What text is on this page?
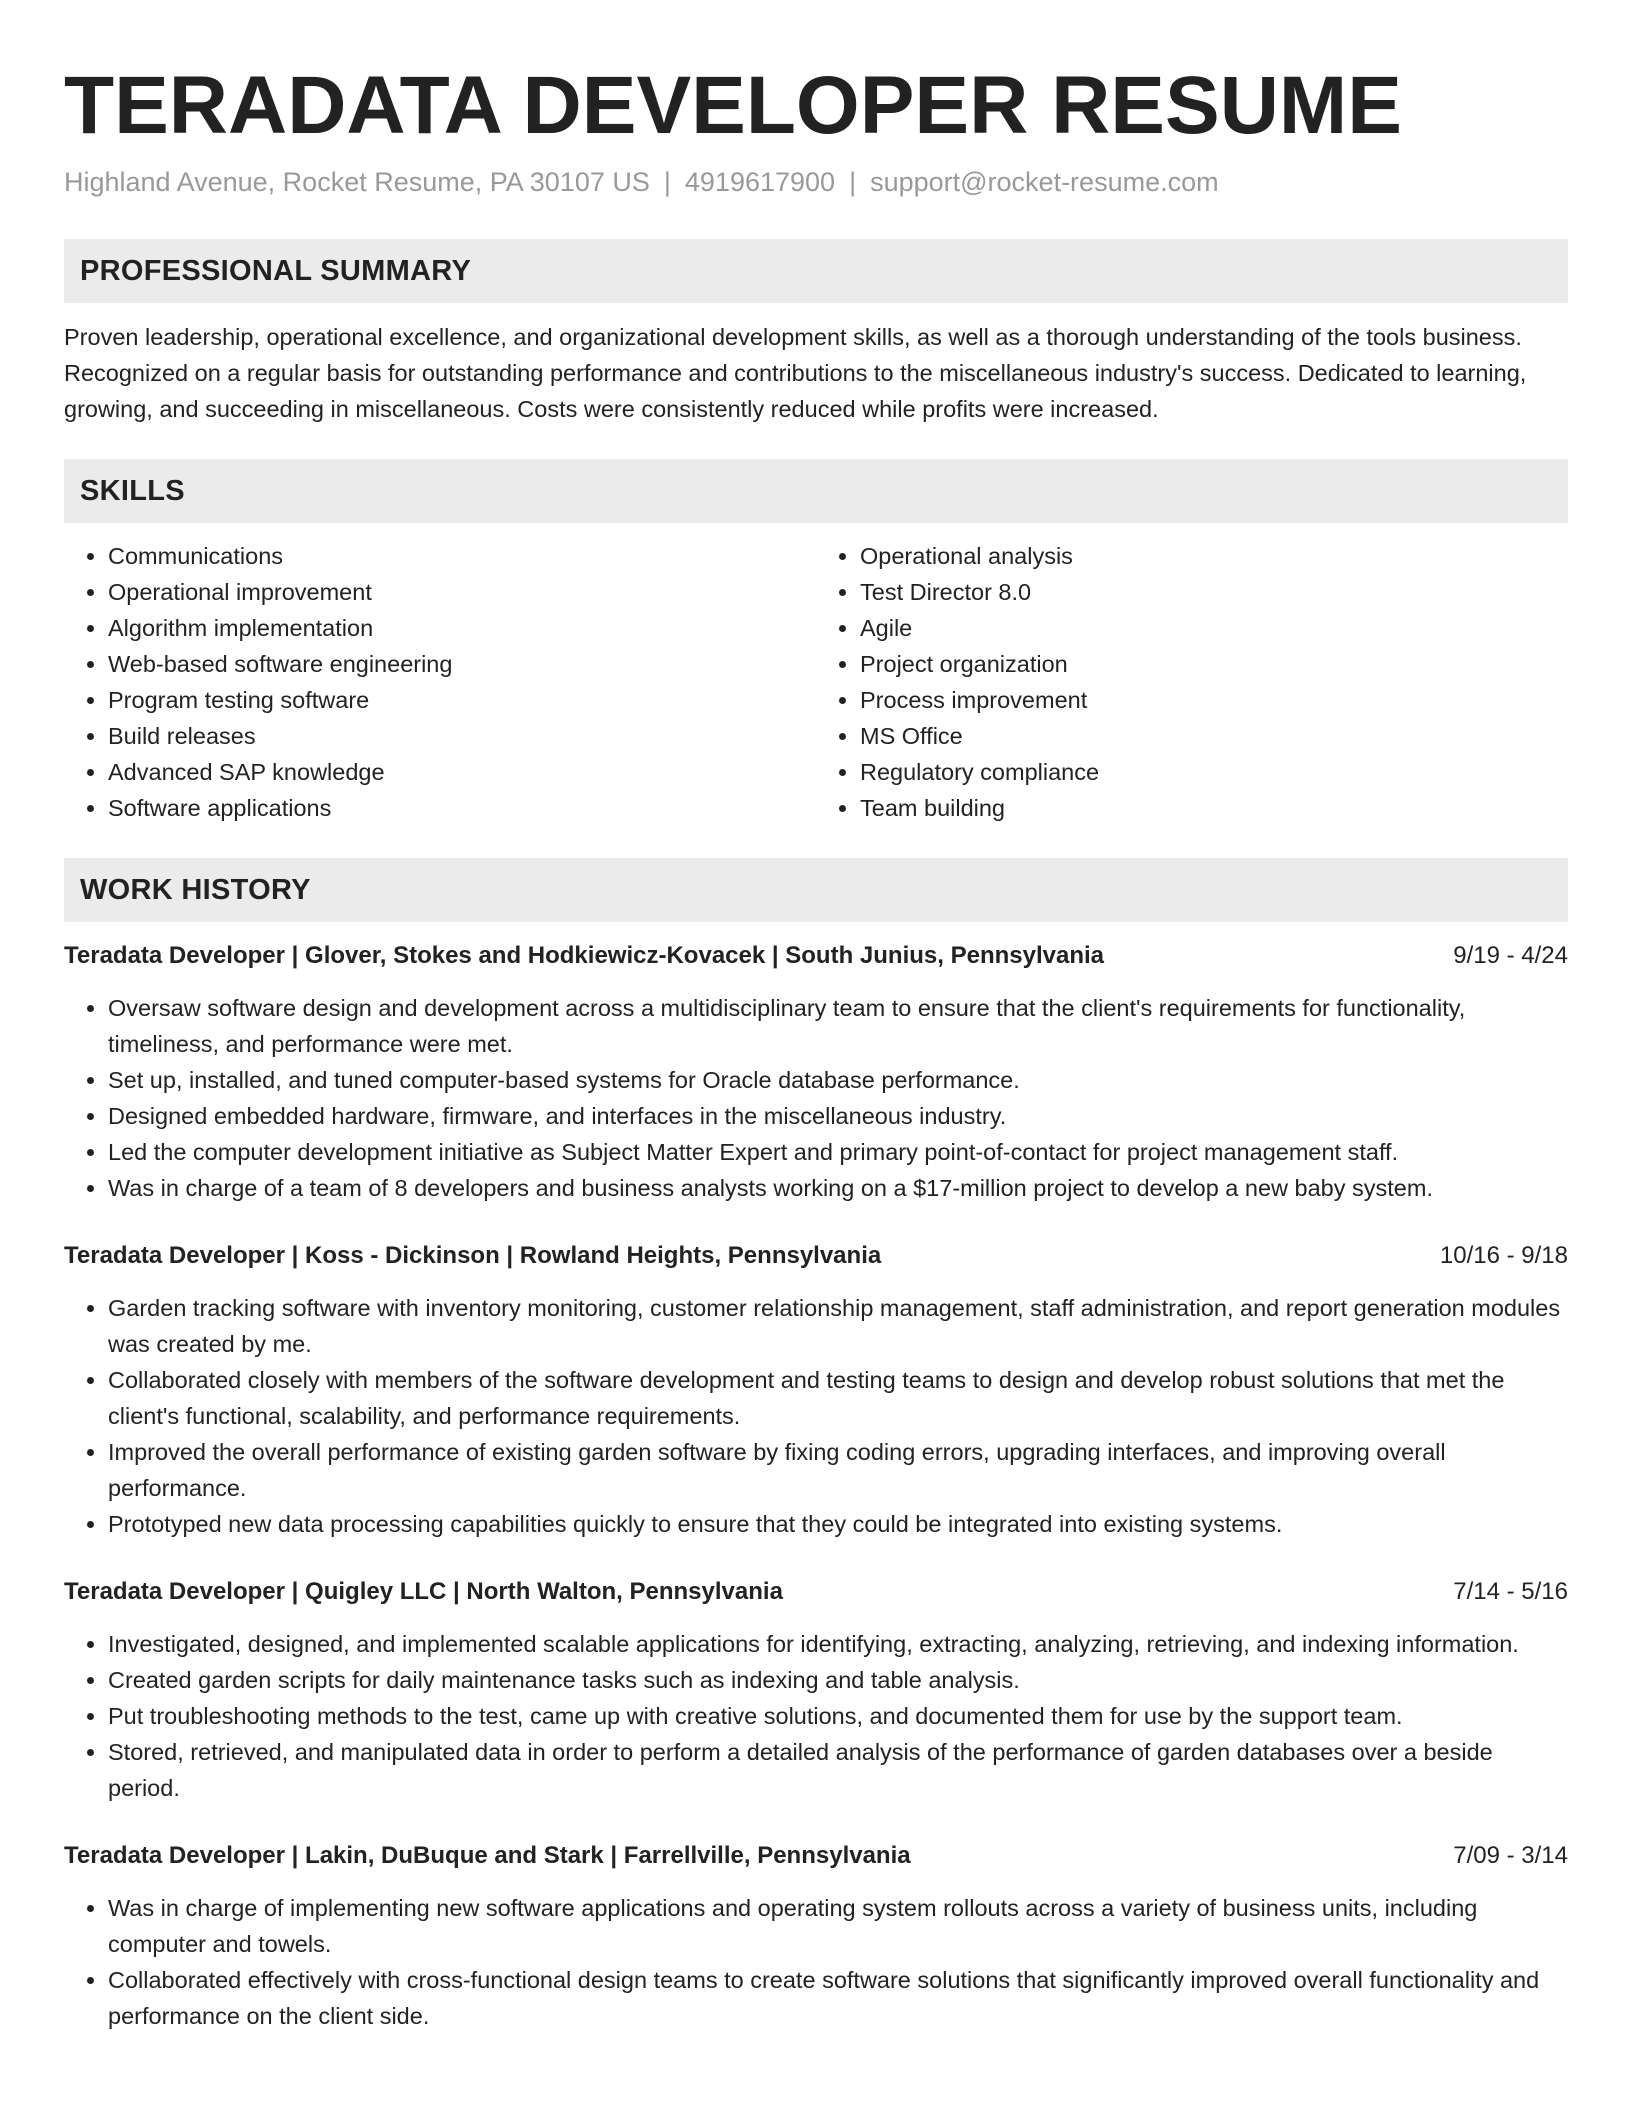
TERADATA DEVELOPER RESUME
Highland Avenue, Rocket Resume, PA 30107 US | 4919617900 | support@rocket-resume.com
PROFESSIONAL SUMMARY

Proven leadership, operational excellence, and organizational development skills, as well as a thorough understanding of the tools business. Recognized on a regular basis for outstanding performance and contributions to the miscellaneous industry's success. Dedicated to learning, growing, and succeeding in miscellaneous. Costs were consistently reduced while profits were increased.

SKILLS
• Communications
• Operational improvement
• Algorithm implementation
• Web-based software engineering
• Program testing software
• Build releases
• Advanced SAP knowledge
• Software applications
• Operational analysis
• Test Director 8.0
• Agile
• Project organization
• Process improvement
• MS Office
• Regulatory compliance
• Team building
WORK HISTORY
Teradata Developer | Glover, Stokes and Hodkiewicz-Kovacek | South Junius, Pennsylvania	9/19 - 4/24
• Oversaw software design and development across a multidisciplinary team to ensure that the client's requirements for functionality, timeliness, and performance were met.
• Set up, installed, and tuned computer-based systems for Oracle database performance.
• Designed embedded hardware, firmware, and interfaces in the miscellaneous industry.
• Led the computer development initiative as Subject Matter Expert and primary point-of-contact for project management staff.
• Was in charge of a team of 8 developers and business analysts working on a $17-million project to develop a new baby system.
Teradata Developer | Koss - Dickinson | Rowland Heights, Pennsylvania	10/16 - 9/18
• Garden tracking software with inventory monitoring, customer relationship management, staff administration, and report generation modules was created by me.
• Collaborated closely with members of the software development and testing teams to design and develop robust solutions that met the client's functional, scalability, and performance requirements.
• Improved the overall performance of existing garden software by fixing coding errors, upgrading interfaces, and improving overall performance.
• Prototyped new data processing capabilities quickly to ensure that they could be integrated into existing systems.
Teradata Developer | Quigley LLC | North Walton, Pennsylvania	7/14 - 5/16
• Investigated, designed, and implemented scalable applications for identifying, extracting, analyzing, retrieving, and indexing information.
• Created garden scripts for daily maintenance tasks such as indexing and table analysis.
• Put troubleshooting methods to the test, came up with creative solutions, and documented them for use by the support team.
• Stored, retrieved, and manipulated data in order to perform a detailed analysis of the performance of garden databases over a beside period.
Teradata Developer | Lakin, DuBuque and Stark | Farrellville, Pennsylvania	7/09 - 3/14
• Was in charge of implementing new software applications and operating system rollouts across a variety of business units, including computer and towels.
• Collaborated effectively with cross-functional design teams to create software solutions that significantly improved overall functionality and performance on the client side.
